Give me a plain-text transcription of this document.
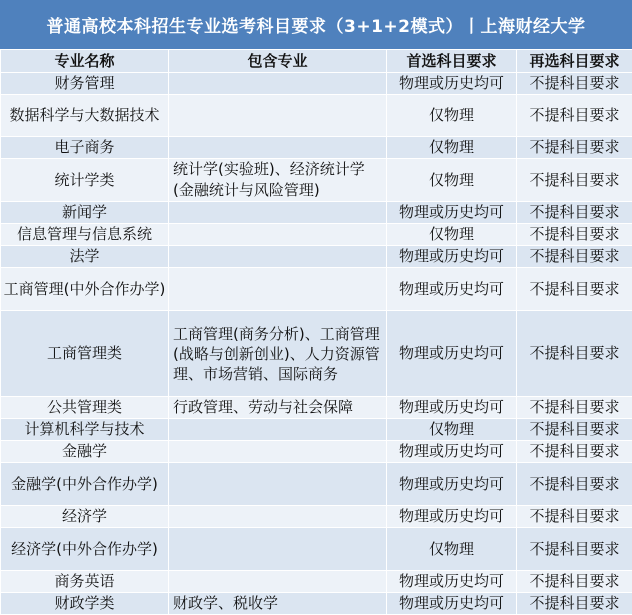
普通高校本科招生专业选考科目要求（3+1+2模式）丨上海财经大学
专业名称	包含专业	首选科目要求	再选科目要求
财务管理		物理或历史均可	不提科目要求
数据科学与大数据技术		仅物理	不提科目要求
电子商务		仅物理	不提科目要求
统计学类	统计学(实验班)、经济统计学(金融统计与风险管理)	仅物理	不提科目要求
新闻学		物理或历史均可	不提科目要求
信息管理与信息系统		仅物理	不提科目要求
法学		物理或历史均可	不提科目要求
工商管理(中外合作办学)		物理或历史均可	不提科目要求
工商管理类	工商管理(商务分析)、工商管理(战略与创新创业)、人力资源管理、市场营销、国际商务	物理或历史均可	不提科目要求
公共管理类	行政管理、劳动与社会保障	物理或历史均可	不提科目要求
计算机科学与技术		仅物理	不提科目要求
金融学		物理或历史均可	不提科目要求
金融学(中外合作办学)		物理或历史均可	不提科目要求
经济学		物理或历史均可	不提科目要求
经济学(中外合作办学)		仅物理	不提科目要求
商务英语		物理或历史均可	不提科目要求
财政学类	财政学、税收学	物理或历史均可	不提科目要求
